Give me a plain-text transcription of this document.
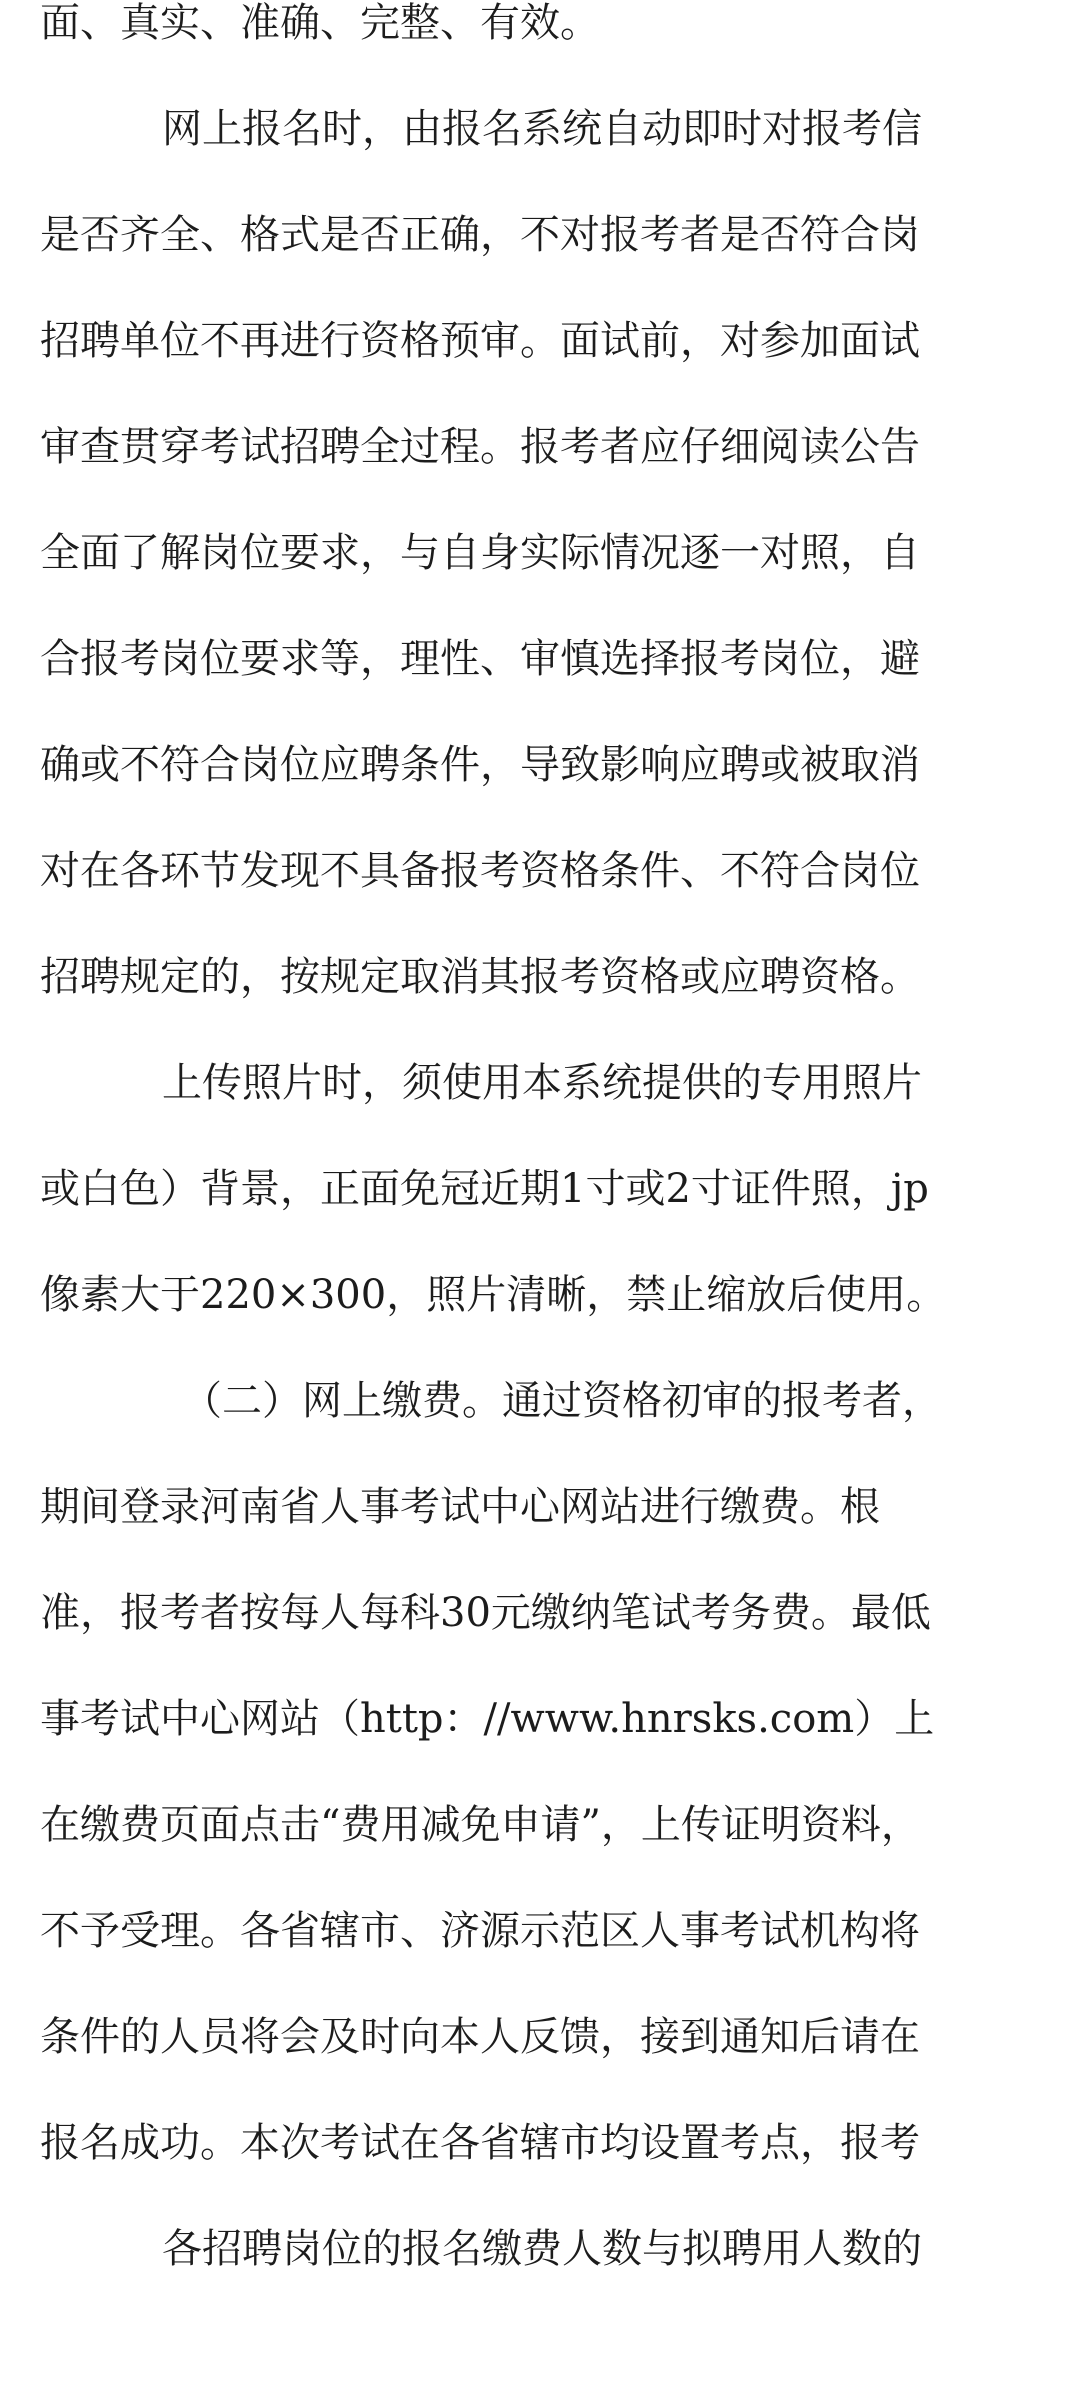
面、真实、准确、完整、有效。
网上报名时，由报名系统自动即时对报考信
是否齐全、格式是否正确，不对报考者是否符合岗
招聘单位不再进行资格预审。面试前，对参加面试
审查贯穿考试招聘全过程。报考者应仔细阅读公告
全面了解岗位要求，与自身实际情况逐一对照，自
合报考岗位要求等，理性、审慎选择报考岗位，避
确或不符合岗位应聘条件，导致影响应聘或被取消
对在各环节发现不具备报考资格条件、不符合岗位
招聘规定的，按规定取消其报考资格或应聘资格。
上传照片时，须使用本系统提供的专用照片
或白色）背景，正面免冠近期1寸或2寸证件照，jp
像素大于220×300，照片清晰，禁止缩放后使用。
（二）网上缴费。通过资格初审的报考者，
期间登录河南省人事考试中心网站进行缴费。根
准，报考者按每人每科30元缴纳笔试考务费。最低
事考试中心网站（http：//www.hnrsks.com）上
在缴费页面点击“费用减免申请”，上传证明资料，
不予受理。各省辖市、济源示范区人事考试机构将
条件的人员将会及时向本人反馈，接到通知后请在
报名成功。本次考试在各省辖市均设置考点，报考
各招聘岗位的报名缴费人数与拟聘用人数的
